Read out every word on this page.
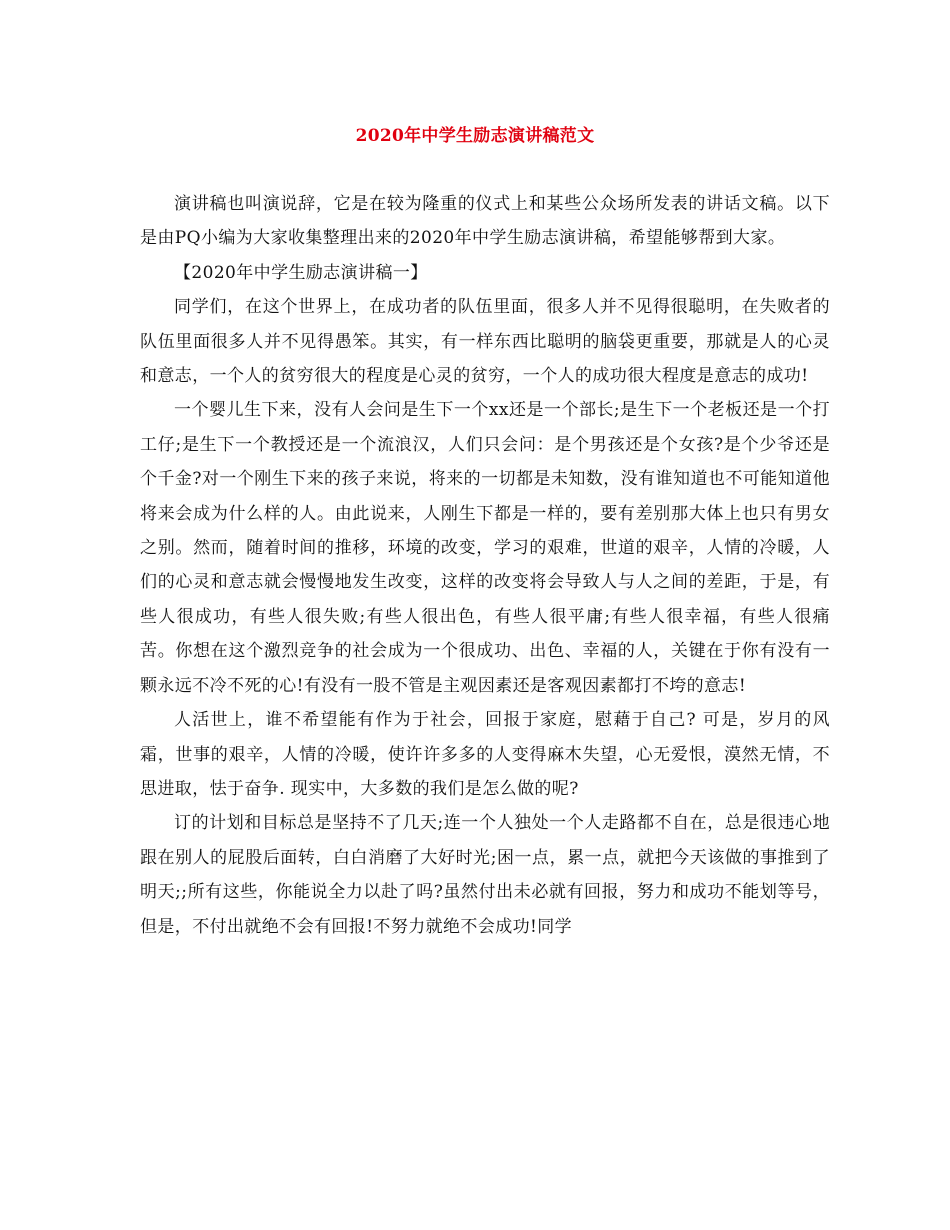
2020年中学生励志演讲稿范文

演讲稿也叫演说辞，它是在较为隆重的仪式上和某些公众场所发表的讲话文稿。以下是由PQ小编为大家收集整理出来的2020年中学生励志演讲稿，希望能够帮到大家。

【2020年中学生励志演讲稿一】

同学们，在这个世界上，在成功者的队伍里面，很多人并不见得很聪明，在失败者的队伍里面很多人并不见得愚笨。其实，有一样东西比聪明的脑袋更重要，那就是人的心灵和意志，一个人的贫穷很大的程度是心灵的贫穷，一个人的成功很大程度是意志的成功!

一个婴儿生下来，没有人会问是生下一个xx还是一个部长;是生下一个老板还是一个打工仔;是生下一个教授还是一个流浪汉，人们只会问：是个男孩还是个女孩?是个少爷还是个千金?对一个刚生下来的孩子来说，将来的一切都是未知数，没有谁知道也不可能知道他将来会成为什么样的人。由此说来，人刚生下都是一样的，要有差别那大体上也只有男女之别。然而，随着时间的推移，环境的改变，学习的艰难，世道的艰辛，人情的冷暖，人们的心灵和意志就会慢慢地发生改变，这样的改变将会导致人与人之间的差距，于是，有些人很成功，有些人很失败;有些人很出色，有些人很平庸;有些人很幸福，有些人很痛苦。你想在这个激烈竞争的社会成为一个很成功、出色、幸福的人，关键在于你有没有一颗永远不冷不死的心!有没有一股不管是主观因素还是客观因素都打不垮的意志!

人活世上，谁不希望能有作为于社会，回报于家庭，慰藉于自己? 可是，岁月的风霜，世事的艰辛，人情的冷暖，使许许多多的人变得麻木失望，心无爱恨，漠然无情，不思进取，怯于奋争. 现实中，大多数的我们是怎么做的呢?

订的计划和目标总是坚持不了几天;连一个人独处一个人走路都不自在，总是很违心地跟在别人的屁股后面转，白白消磨了大好时光;困一点，累一点，就把今天该做的事推到了明天;;所有这些，你能说全力以赴了吗?虽然付出未必就有回报，努力和成功不能划等号，但是，不付出就绝不会有回报!不努力就绝不会成功!同学
